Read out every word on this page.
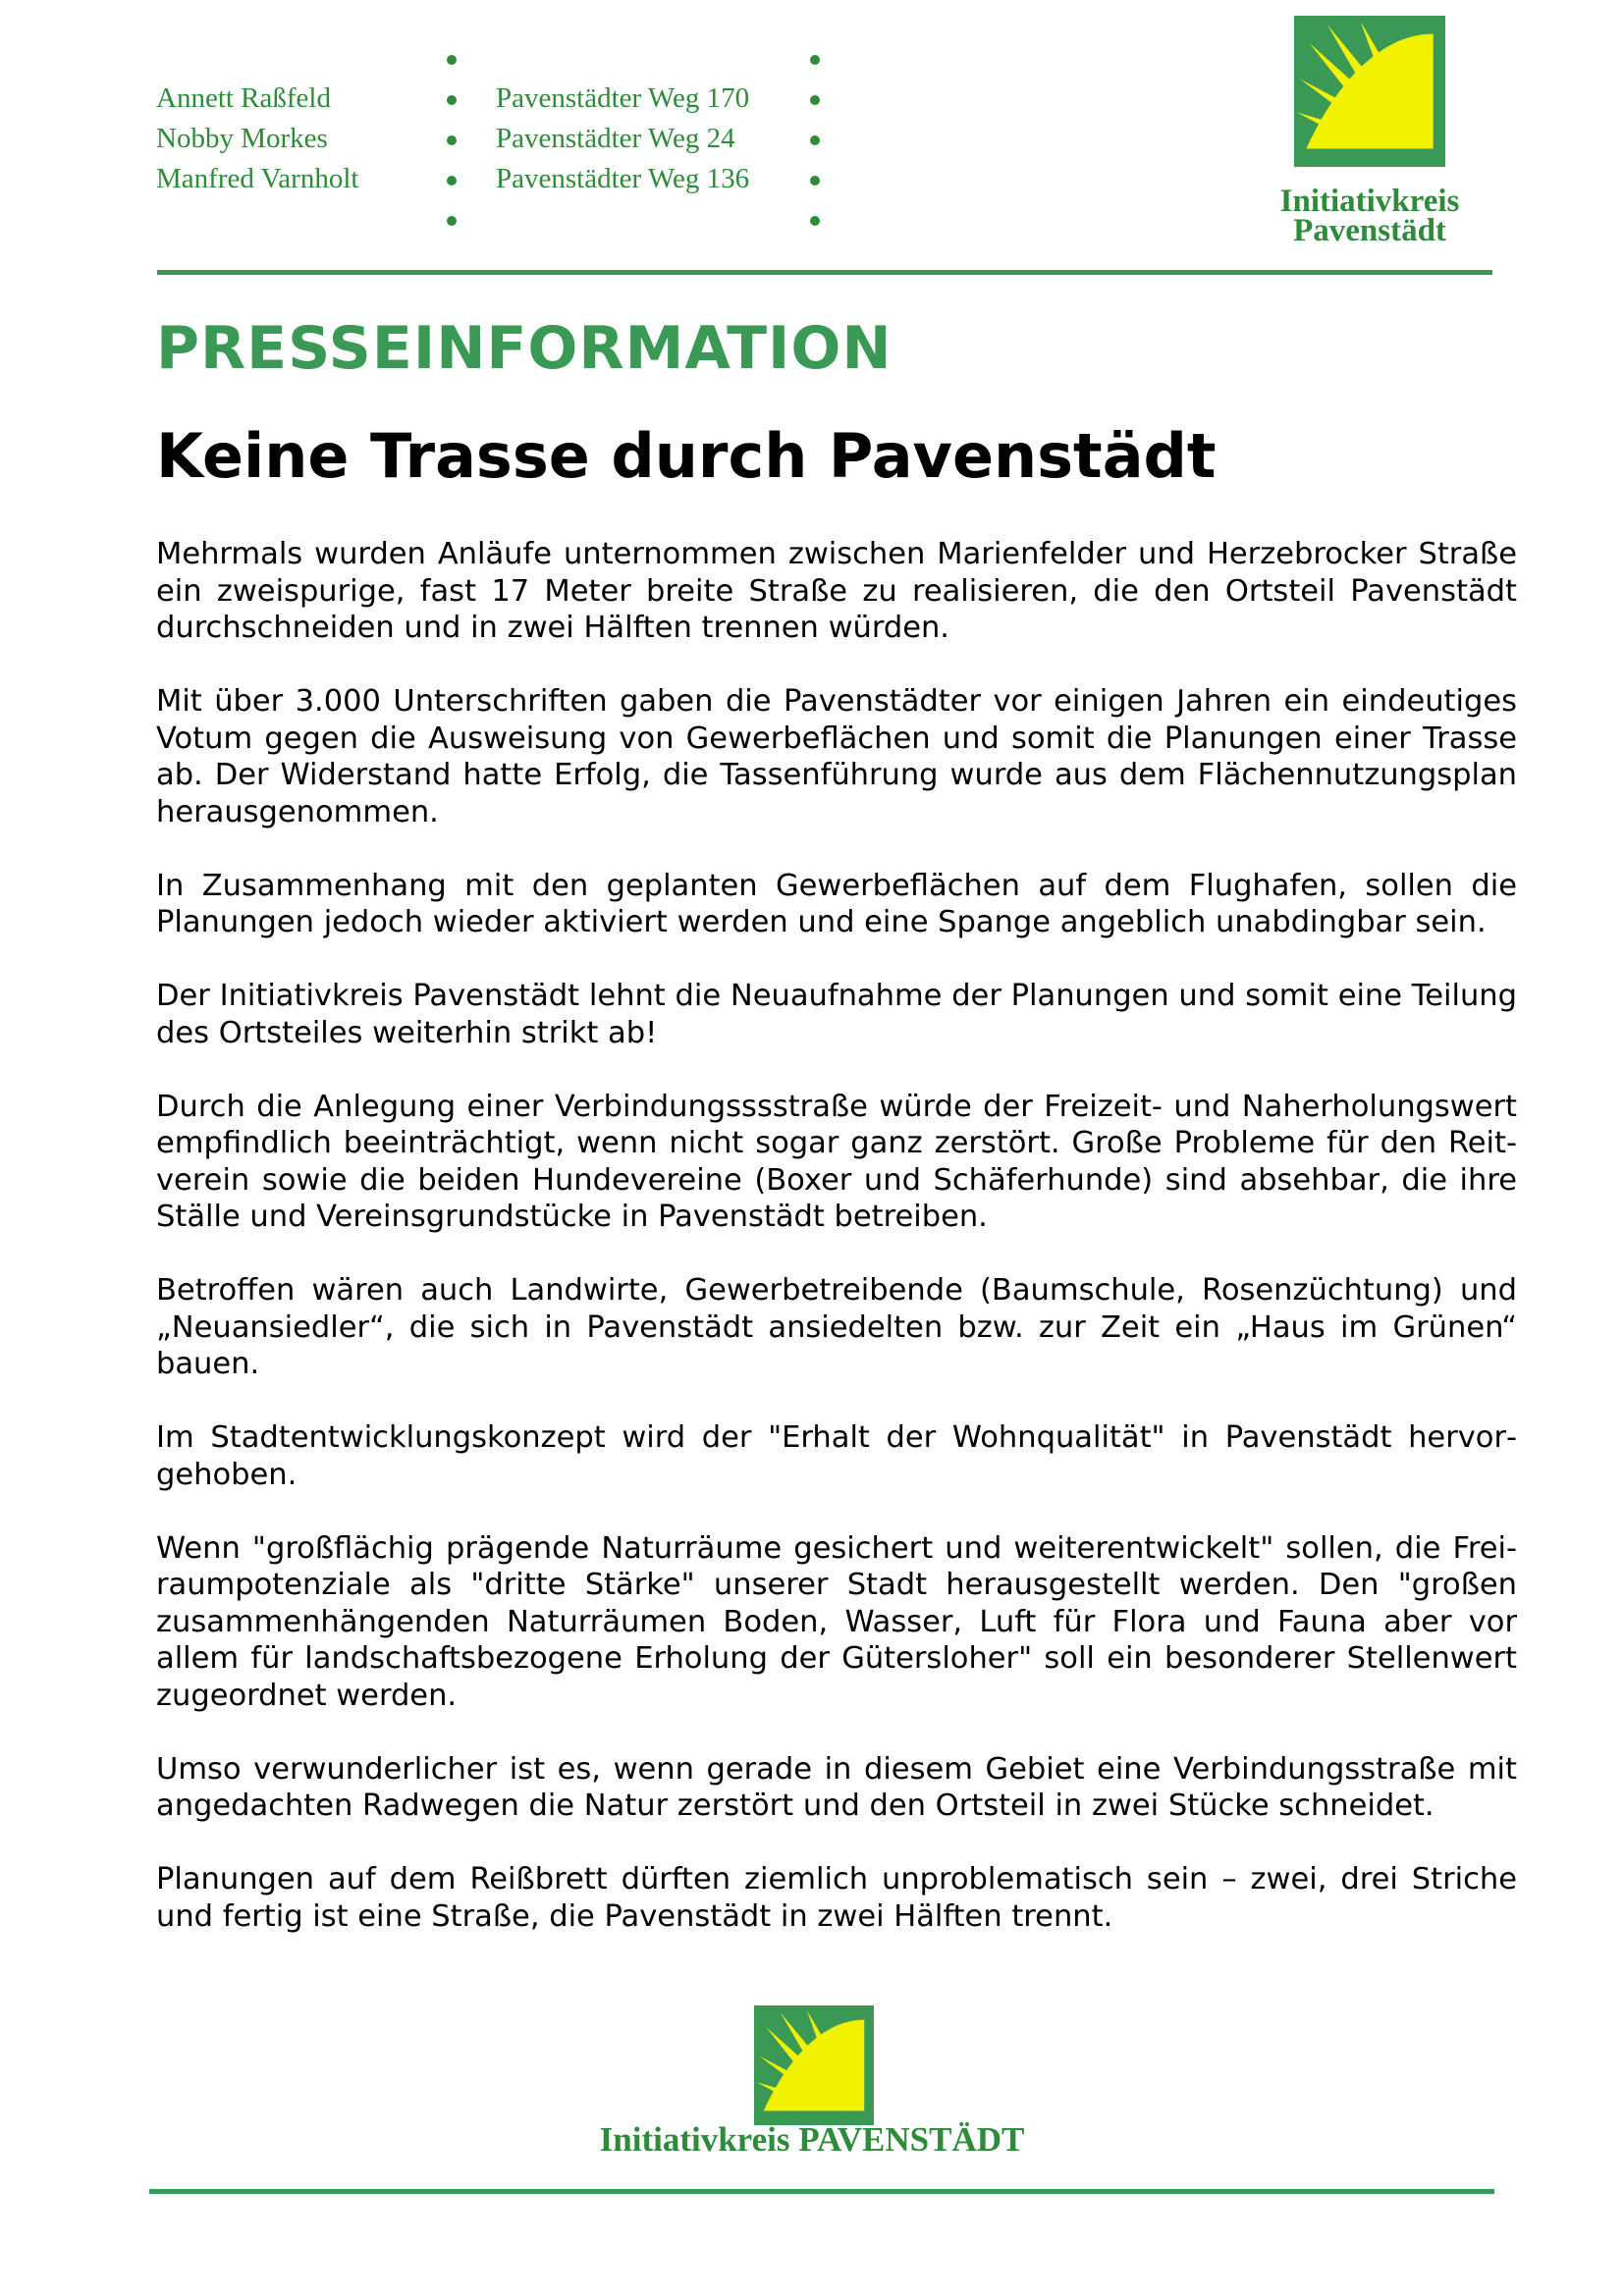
Annett Raßfeld
Nobby Morkes
Manfred Varnholt
Pavenstädter Weg 170
Pavenstädter Weg 24
Pavenstädter Weg 136
Initiativkreis Pavenstädt
PRESSEINFORMATION
Keine Trasse durch Pavenstädt

Mehrmals wurden Anläufe unternommen zwischen Marienfelder und Herzebrocker Straße ein zweispurige, fast 17 Meter breite Straße zu realisieren, die den Ortsteil Pavenstädt durchschneiden und in zwei Hälften trennen würden.

Mit über 3.000 Unterschriften gaben die Pavenstädter vor einigen Jahren ein eindeutiges Votum gegen die Ausweisung von Gewerbeflächen und somit die Planungen einer Trasse ab. Der Widerstand hatte Erfolg, die Tassenführung wurde aus dem Flächennutzungsplan herausgenommen.

In Zusammenhang mit den geplanten Gewerbeflächen auf dem Flughafen, sollen die Planungen jedoch wieder aktiviert werden und eine Spange angeblich unabdingbar sein.

Der Initiativkreis Pavenstädt lehnt die Neuaufnahme der Planungen und somit eine Teilung des Ortsteiles weiterhin strikt ab!

Durch die Anlegung einer Verbindungsssstraße würde der Freizeit- und Naherholungswert empfindlich beeinträchtigt, wenn nicht sogar ganz zerstört. Große Probleme für den Reitverein sowie die beiden Hundevereine (Boxer und Schäferhunde) sind absehbar, die ihre Ställe und Vereinsgrundstücke in Pavenstädt betreiben.

Betroffen wären auch Landwirte, Gewerbetreibende (Baumschule, Rosenzüchtung) und „Neuansiedler“, die sich in Pavenstädt ansiedelten bzw. zur Zeit ein „Haus im Grünen“ bauen.

Im Stadtentwicklungskonzept wird der "Erhalt der Wohnqualität" in Pavenstädt hervorgehoben.

Wenn "großflächig prägende Naturräume gesichert und weiterentwickelt" sollen, die Freiraumpotenziale als "dritte Stärke" unserer Stadt herausgestellt werden. Den "großen zusammenhängenden Naturräumen Boden, Wasser, Luft für Flora und Fauna aber vor allem für landschaftsbezogene Erholung der Gütersloher" soll ein besonderer Stellenwert zugeordnet werden.

Umso verwunderlicher ist es, wenn gerade in diesem Gebiet eine Verbindungsstraße mit angedachten Radwegen die Natur zerstört und den Ortsteil in zwei Stücke schneidet.

Planungen auf dem Reißbrett dürften ziemlich unproblematisch sein – zwei, drei Striche und fertig ist eine Straße, die Pavenstädt in zwei Hälften trennt.

Initiativkreis PAVENSTÄDT
